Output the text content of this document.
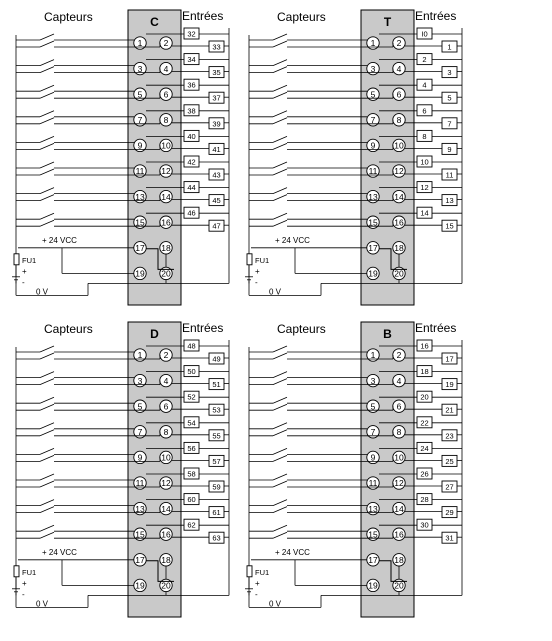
C
Capteurs	Entrées
1	2
3	4
5	6
7	8
9 10
11 12
13 14
15 16
17 18
19 20
+ 24 VCC
FU1
+
-
0 V
32
33
34
35
36
37
38
39
40
41
42
43
44
45
46
47
T
Capteurs	Entrées
1	2
3	4
5	6
7	8
9 10
11 12
13 14
15 16
17 18
19 20
+ 24 VCC
FU1
+
-
0 V
I0
1
2
3
4
5
6
7
8
9
10
11
12
13
14
15
D
Capteurs	Entrées
1	2
3	4
5	6
7	8
9 10
11 12
13 14
15 16
17 18
19 20
+ 24 VCC
FU1
+
-
0 V
48
49
50
51
52
53
54
55
56
57
58
59
60
61
62
63
B
Capteurs	Entrées
1	2
3	4
5	6
7	8
9 10
11 12
13 14
15 16
17 18
19 20
+ 24 VCC
FU1
+
-
0 V
16
17
18
19
20
21
22
23
24
25
26
27
28
29
30
31
